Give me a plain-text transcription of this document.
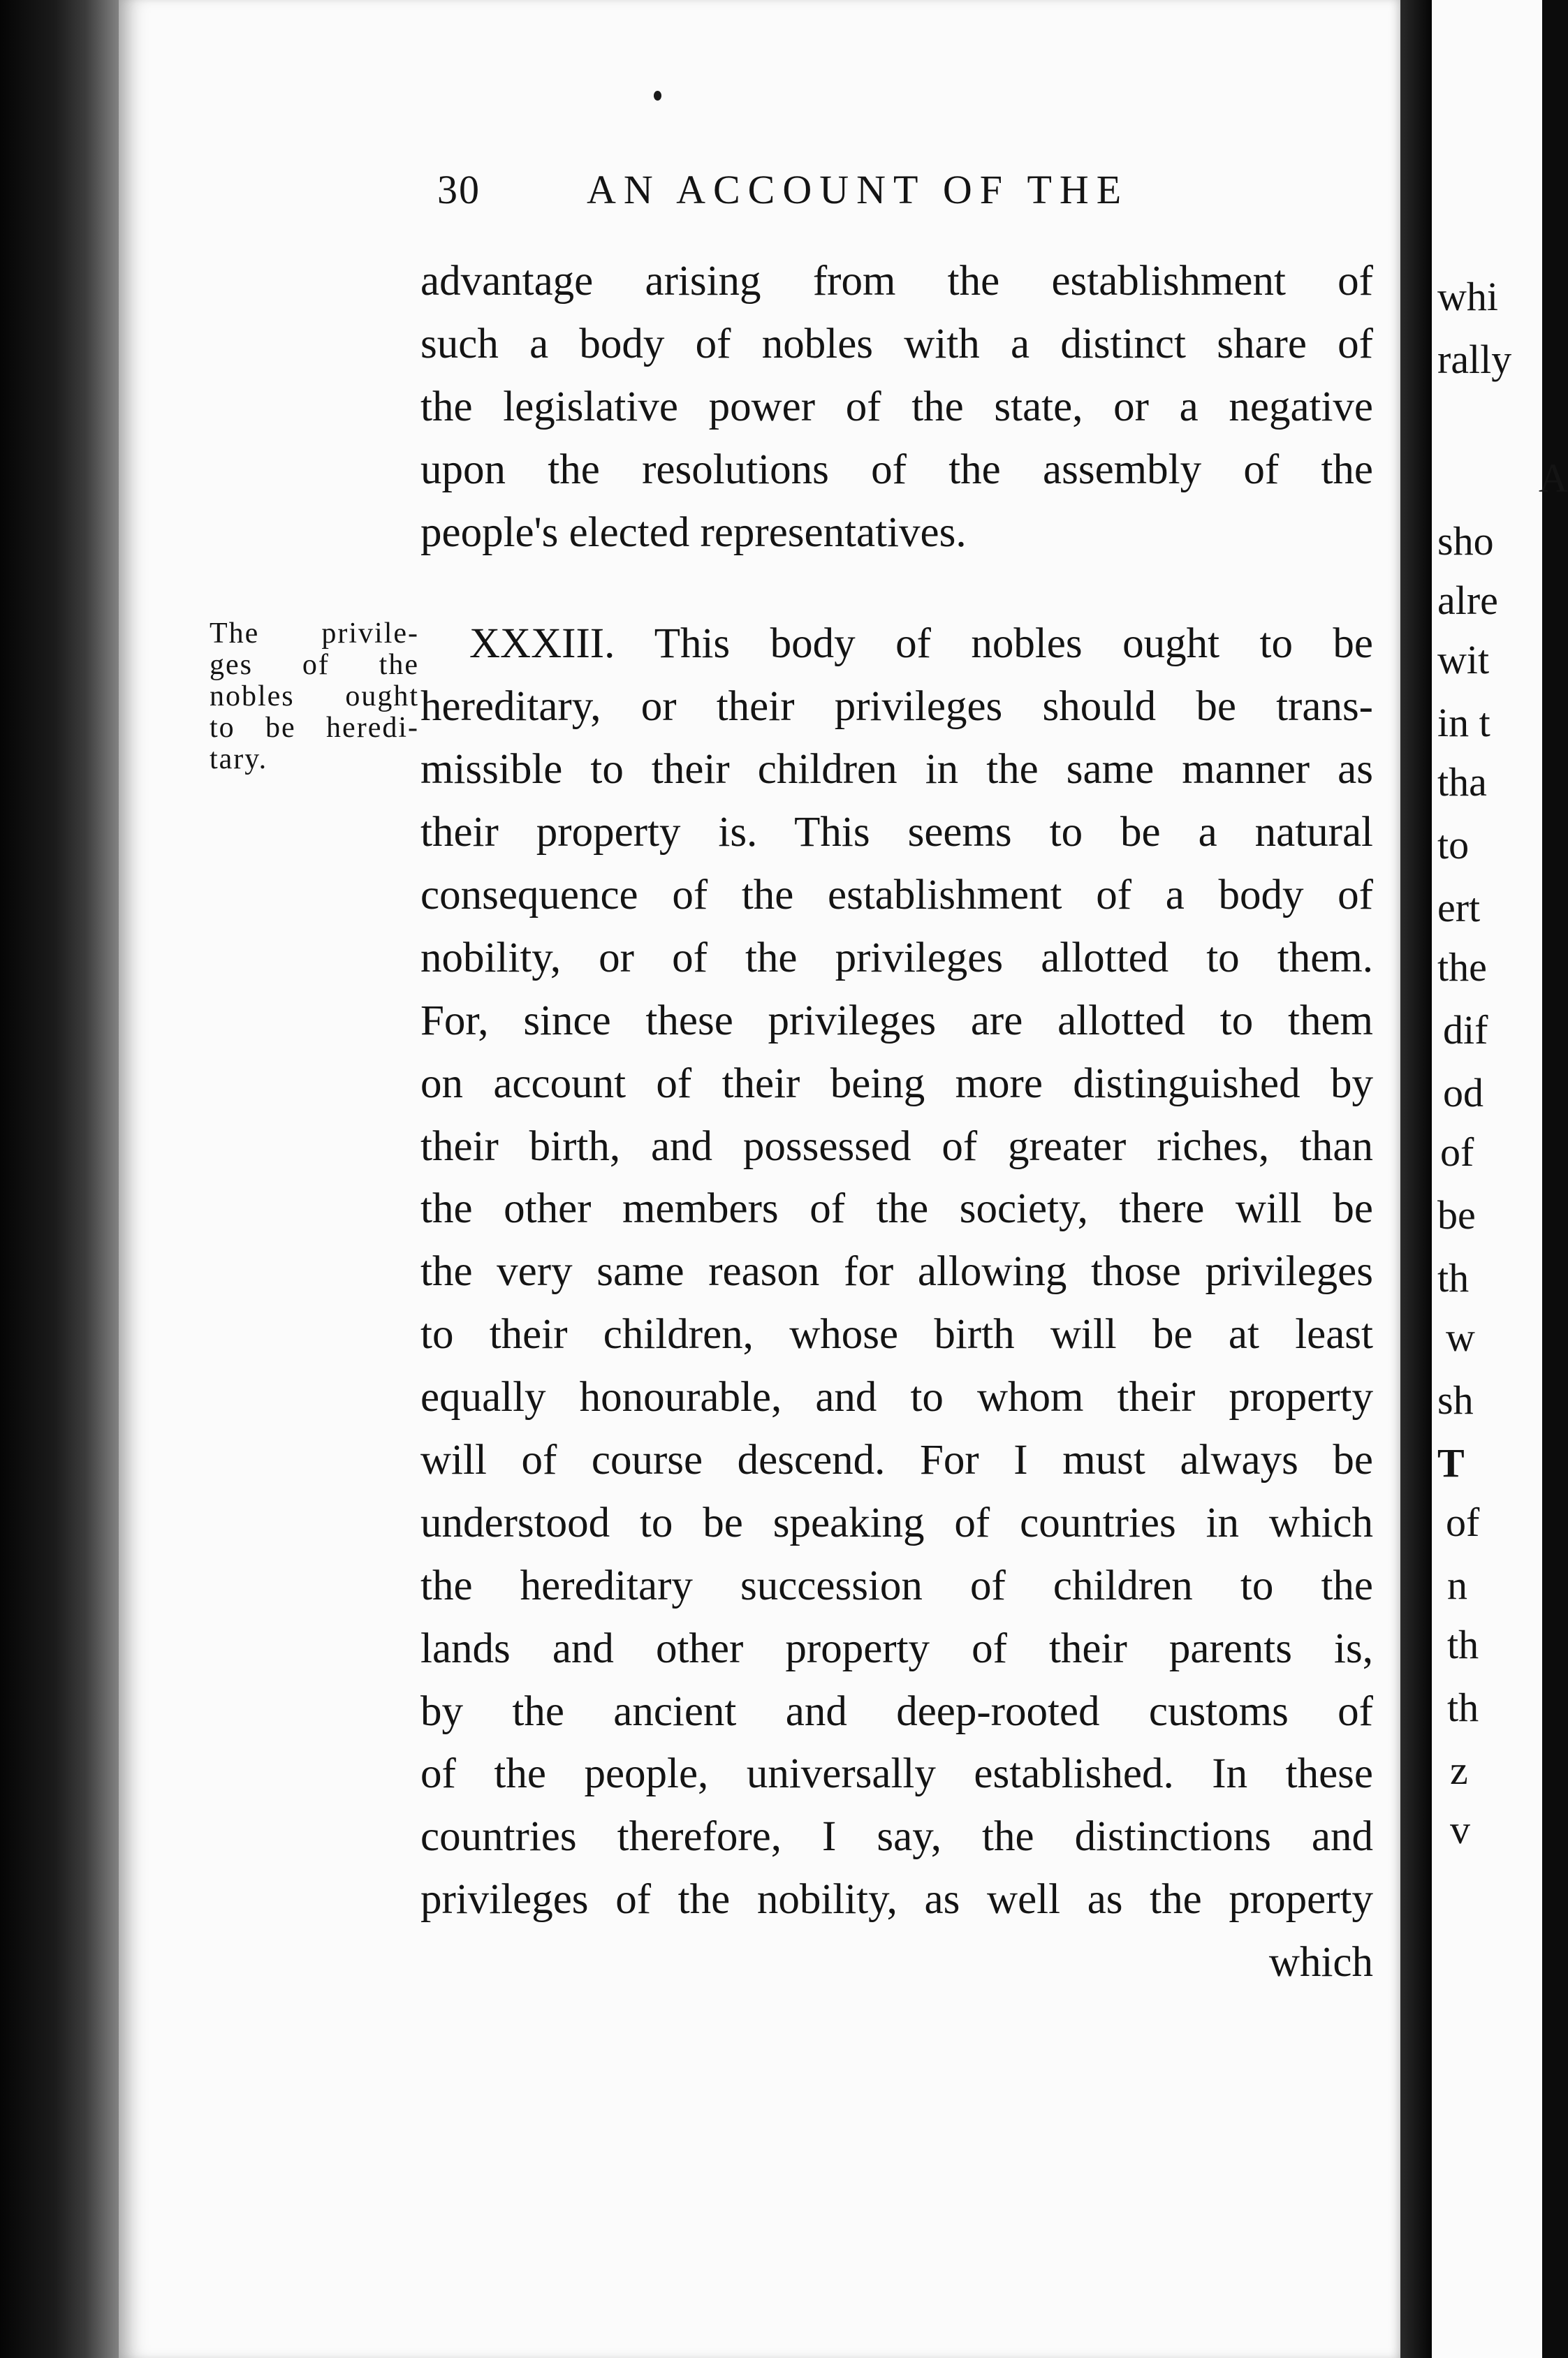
30	AN ACCOUNT OF THE
The privile-
ges of the
nobles ought
to be heredi-
tary.
advantage arising from the establishment of
such a body of nobles with a distinct share of
the legislative power of the state, or a negative
upon the resolutions of the assembly of the
people's elected representatives.
XXXIII. This body of nobles ought to be
hereditary, or their privileges should be trans-
missible to their children in the same manner as
their property is. This seems to be a natural
consequence of the establishment of a body of
nobility, or of the privileges allotted to them.
For, since these privileges are allotted to them
on account of their being more distinguished by
their birth, and possessed of greater riches, than
the other members of the society, there will be
the very same reason for allowing those privileges
to their children, whose birth will be at least
equally honourable, and to whom their property
will of course descend. For I must always be
understood to be speaking of countries in which
the hereditary succession of children to the
lands and other property of their parents is,
by the ancient and deep-rooted customs of
of the people, universally established. In these
countries therefore, I say, the distinctions and
privileges of the nobility, as well as the property
which
whi
rally
A
sho
alre
wit
in t
tha
to
ert
the
dif
od
of
be
th
w
sh
T
of
n
th
th
z
v
